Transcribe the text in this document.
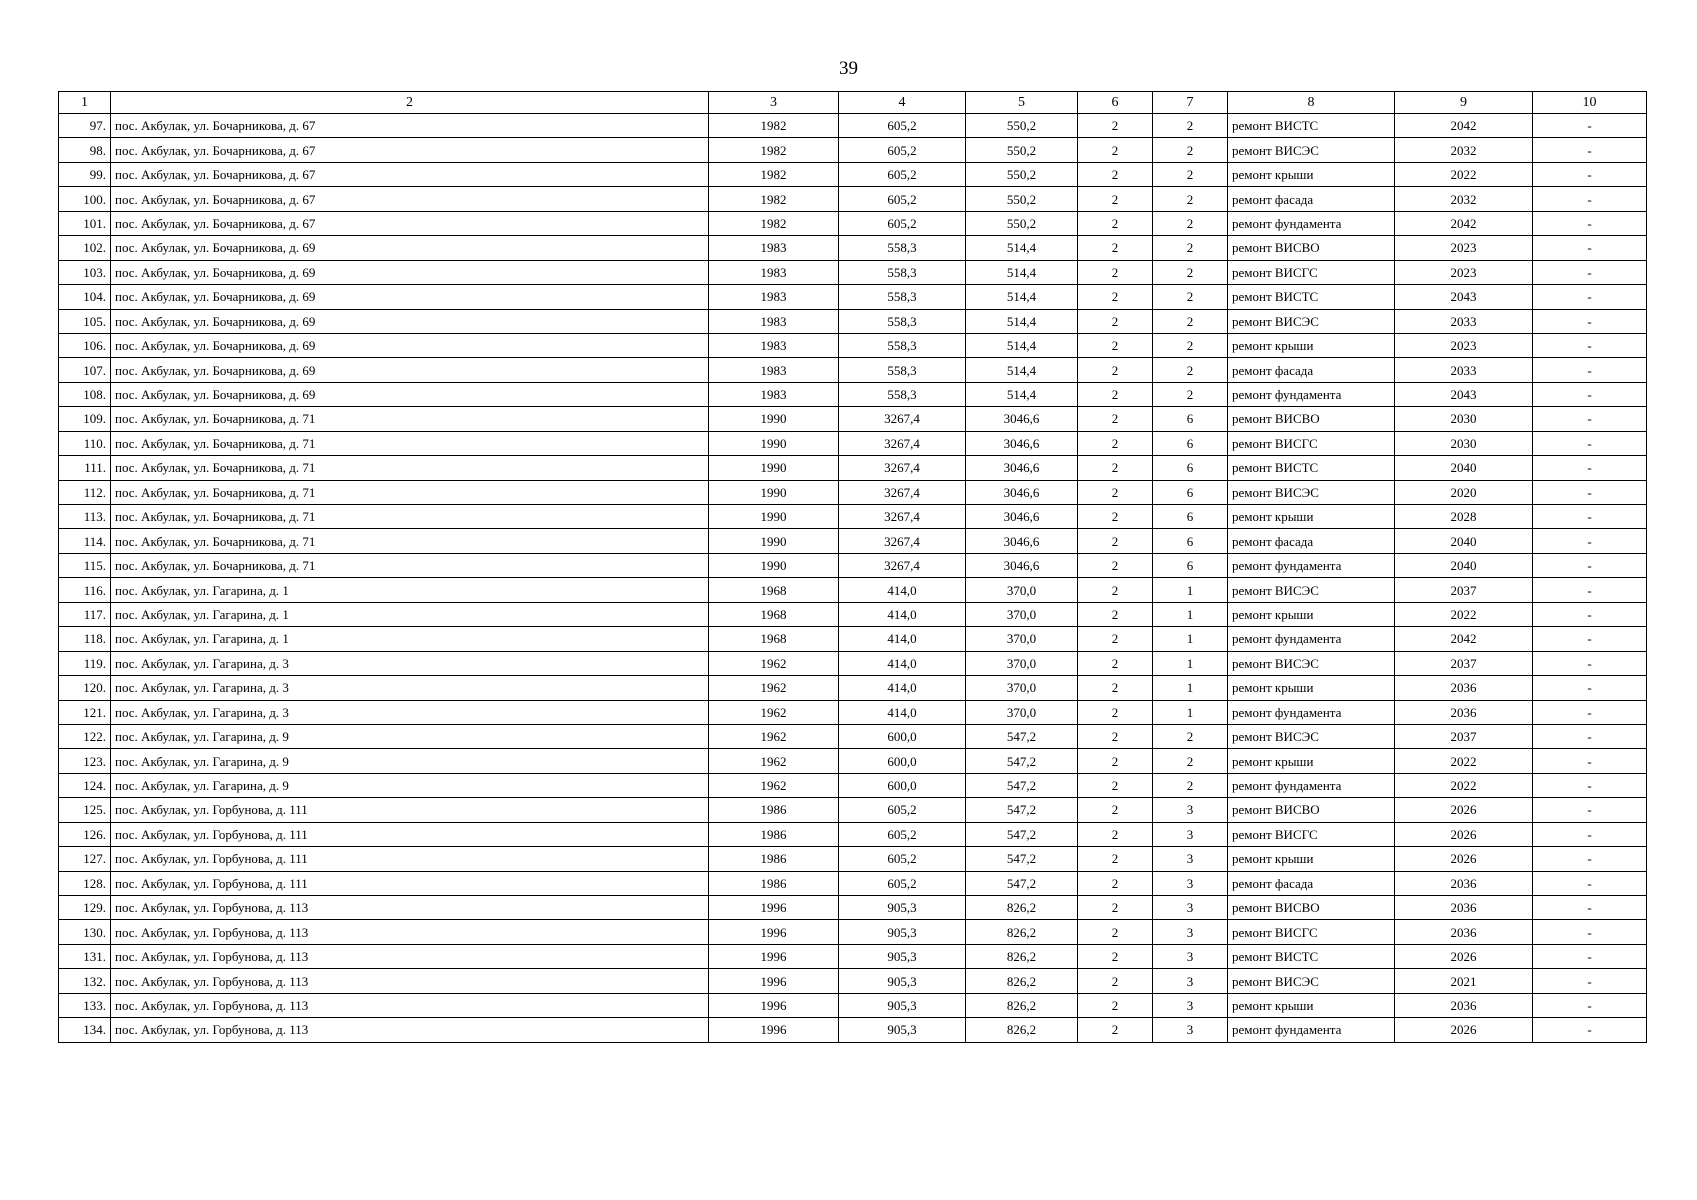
39
1	2	3	4	5	6	7	8	9	10
97.	пос. Акбулак, ул. Бочарникова, д. 67	1982	605,2	550,2	2	2	ремонт ВИСТС	2042	-
98.	пос. Акбулак, ул. Бочарникова, д. 67	1982	605,2	550,2	2	2	ремонт ВИСЭС	2032	-
99.	пос. Акбулак, ул. Бочарникова, д. 67	1982	605,2	550,2	2	2	ремонт крыши	2022	-
100.	пос. Акбулак, ул. Бочарникова, д. 67	1982	605,2	550,2	2	2	ремонт фасада	2032	-
101.	пос. Акбулак, ул. Бочарникова, д. 67	1982	605,2	550,2	2	2	ремонт фундамента	2042	-
102.	пос. Акбулак, ул. Бочарникова, д. 69	1983	558,3	514,4	2	2	ремонт ВИСВО	2023	-
103.	пос. Акбулак, ул. Бочарникова, д. 69	1983	558,3	514,4	2	2	ремонт ВИСГС	2023	-
104.	пос. Акбулак, ул. Бочарникова, д. 69	1983	558,3	514,4	2	2	ремонт ВИСТС	2043	-
105.	пос. Акбулак, ул. Бочарникова, д. 69	1983	558,3	514,4	2	2	ремонт ВИСЭС	2033	-
106.	пос. Акбулак, ул. Бочарникова, д. 69	1983	558,3	514,4	2	2	ремонт крыши	2023	-
107.	пос. Акбулак, ул. Бочарникова, д. 69	1983	558,3	514,4	2	2	ремонт фасада	2033	-
108.	пос. Акбулак, ул. Бочарникова, д. 69	1983	558,3	514,4	2	2	ремонт фундамента	2043	-
109.	пос. Акбулак, ул. Бочарникова, д. 71	1990	3267,4	3046,6	2	6	ремонт ВИСВО	2030	-
110.	пос. Акбулак, ул. Бочарникова, д. 71	1990	3267,4	3046,6	2	6	ремонт ВИСГС	2030	-
111.	пос. Акбулак, ул. Бочарникова, д. 71	1990	3267,4	3046,6	2	6	ремонт ВИСТС	2040	-
112.	пос. Акбулак, ул. Бочарникова, д. 71	1990	3267,4	3046,6	2	6	ремонт ВИСЭС	2020	-
113.	пос. Акбулак, ул. Бочарникова, д. 71	1990	3267,4	3046,6	2	6	ремонт крыши	2028	-
114.	пос. Акбулак, ул. Бочарникова, д. 71	1990	3267,4	3046,6	2	6	ремонт фасада	2040	-
115.	пос. Акбулак, ул. Бочарникова, д. 71	1990	3267,4	3046,6	2	6	ремонт фундамента	2040	-
116.	пос. Акбулак, ул. Гагарина, д. 1	1968	414,0	370,0	2	1	ремонт ВИСЭС	2037	-
117.	пос. Акбулак, ул. Гагарина, д. 1	1968	414,0	370,0	2	1	ремонт крыши	2022	-
118.	пос. Акбулак, ул. Гагарина, д. 1	1968	414,0	370,0	2	1	ремонт фундамента	2042	-
119.	пос. Акбулак, ул. Гагарина, д. 3	1962	414,0	370,0	2	1	ремонт ВИСЭС	2037	-
120.	пос. Акбулак, ул. Гагарина, д. 3	1962	414,0	370,0	2	1	ремонт крыши	2036	-
121.	пос. Акбулак, ул. Гагарина, д. 3	1962	414,0	370,0	2	1	ремонт фундамента	2036	-
122.	пос. Акбулак, ул. Гагарина, д. 9	1962	600,0	547,2	2	2	ремонт ВИСЭС	2037	-
123.	пос. Акбулак, ул. Гагарина, д. 9	1962	600,0	547,2	2	2	ремонт крыши	2022	-
124.	пос. Акбулак, ул. Гагарина, д. 9	1962	600,0	547,2	2	2	ремонт фундамента	2022	-
125.	пос. Акбулак, ул. Горбунова, д. 111	1986	605,2	547,2	2	3	ремонт ВИСВО	2026	-
126.	пос. Акбулак, ул. Горбунова, д. 111	1986	605,2	547,2	2	3	ремонт ВИСГС	2026	-
127.	пос. Акбулак, ул. Горбунова, д. 111	1986	605,2	547,2	2	3	ремонт крыши	2026	-
128.	пос. Акбулак, ул. Горбунова, д. 111	1986	605,2	547,2	2	3	ремонт фасада	2036	-
129.	пос. Акбулак, ул. Горбунова, д. 113	1996	905,3	826,2	2	3	ремонт ВИСВО	2036	-
130.	пос. Акбулак, ул. Горбунова, д. 113	1996	905,3	826,2	2	3	ремонт ВИСГС	2036	-
131.	пос. Акбулак, ул. Горбунова, д. 113	1996	905,3	826,2	2	3	ремонт ВИСТС	2026	-
132.	пос. Акбулак, ул. Горбунова, д. 113	1996	905,3	826,2	2	3	ремонт ВИСЭС	2021	-
133.	пос. Акбулак, ул. Горбунова, д. 113	1996	905,3	826,2	2	3	ремонт крыши	2036	-
134.	пос. Акбулак, ул. Горбунова, д. 113	1996	905,3	826,2	2	3	ремонт фундамента	2026	-
